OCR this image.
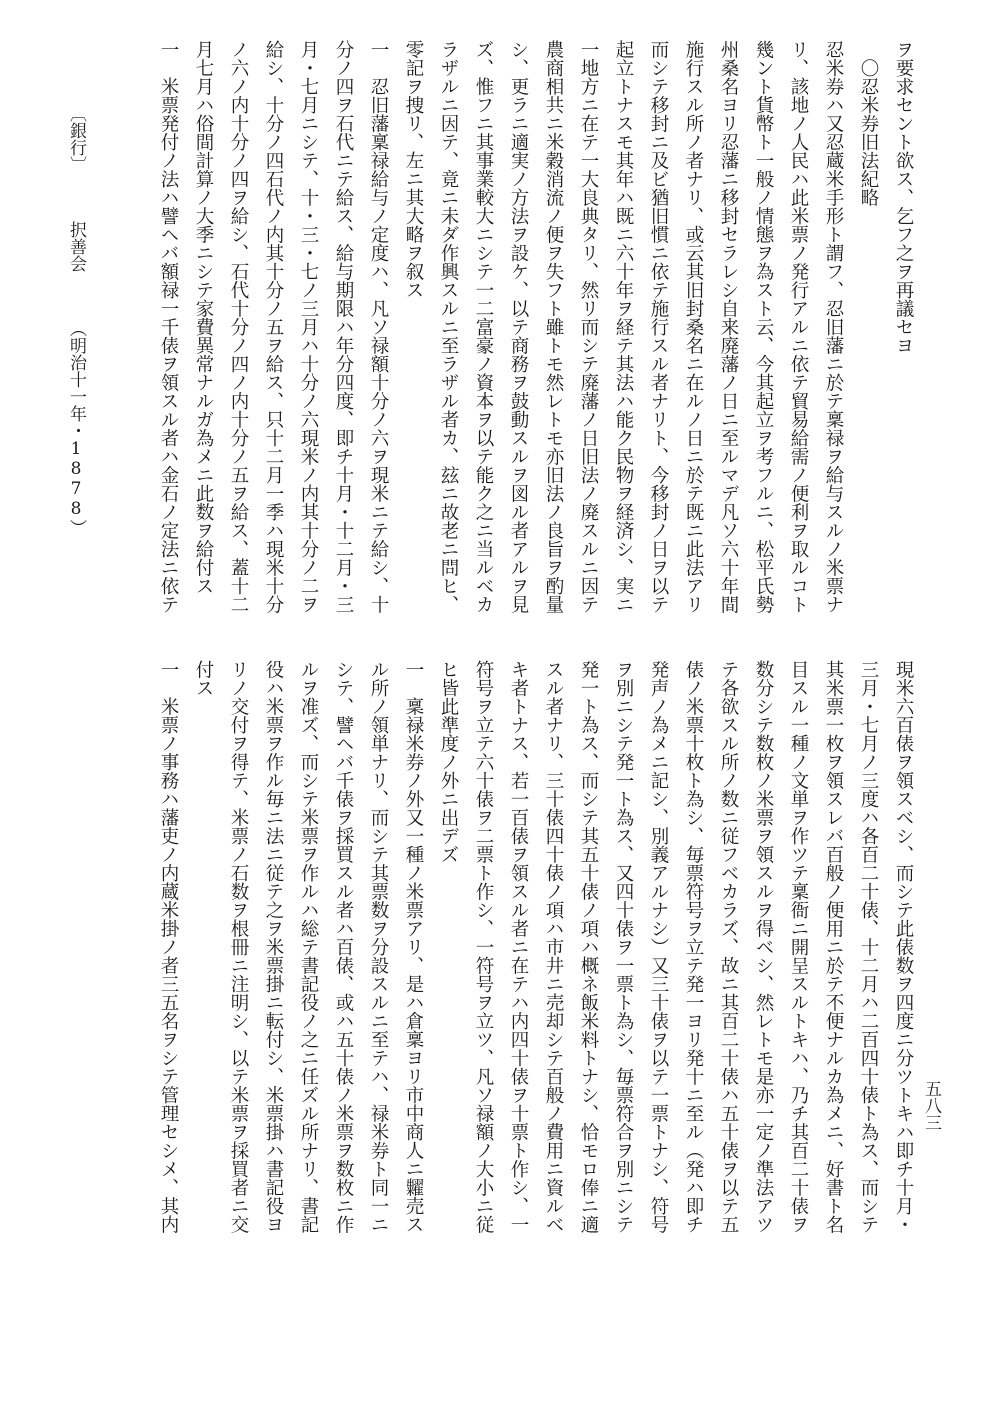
ヲ要求セント欲ス、乞フ之ヲ再議セヨ

　〇忍米券旧法紀略

忍米券ハ又忍蔵米手形ト謂フ、忍旧藩ニ於テ稟禄ヲ給与スルノ米票ナ

リ、該地ノ人民ハ此米票ノ発行アルニ依テ貿易給需ノ便利ヲ取ルコト

幾ント貨幣ト一般ノ情態ヲ為スト云、今其起立ヲ考フルニ、松平氏勢

州桑名ヨリ忍藩ニ移封セラレシ自来廃藩ノ日ニ至ルマデ凡ソ六十年間

施行スル所ノ者ナリ、或云其旧封桑名ニ在ルノ日ニ於テ既ニ此法アリ

而シテ移封ニ及ビ猶旧慣ニ依テ施行スル者ナリト、今移封ノ日ヲ以テ

起立トナスモ其年ハ既ニ六十年ヲ経テ其法ハ能ク民物ヲ経済シ、実ニ

一地方ニ在テ一大良典タリ、然リ而シテ廃藩ノ日旧法ノ廃スルニ因テ

農商相共ニ米穀消流ノ便ヲ失フト雖トモ然レトモ亦旧法ノ良旨ヲ酌量

シ、更ラニ適実ノ方法ヲ設ケ、以テ商務ヲ鼓動スルヲ図ル者アルヲ見

ズ、惟フニ其事業較大ニシテ一二富豪ノ資本ヲ以テ能ク之ニ当ルベカ

ラザルニ因テ、竟ニ未ダ作興スルニ至ラザル者カ、玆ニ故老ニ問ヒ、

零記ヲ捜リ、左ニ其大略ヲ叙ス

一　忍旧藩稟禄給与ノ定度ハ、凡ソ禄額十分ノ六ヲ現米ニテ給シ、十

分ノ四ヲ石代ニテ給ス、給与期限ハ年分四度、即チ十月・十二月・三

月・七月ニシテ、十・三・七ノ三月ハ十分ノ六現米ノ内其十分ノ二ヲ

給シ、十分ノ四石代ノ内其十分ノ五ヲ給ス、只十二月一季ハ現米十分

ノ六ノ内十分ノ四ヲ給シ、石代十分ノ四ノ内十分ノ五ヲ給ス、蓋十二

月七月ハ俗間計算ノ大季ニシテ家費異常ナルガ為メニ此数ヲ給付ス

一　米票発付ノ法ハ譬ヘバ額禄一千俵ヲ領スル者ハ金石ノ定法ニ依テ

現米六百俵ヲ領スベシ、而シテ此俵数ヲ四度ニ分ツトキハ即チ十月・

三月・七月ノ三度ハ各百二十俵、十二月ハ二百四十俵ト為ス、而シテ

其米票一枚ヲ領スレバ百般ノ便用ニ於テ不便ナルカ為メニ、好書ト名

目スル一種ノ文単ヲ作ツテ稟衙ニ開呈スルトキハ、乃チ其百二十俵ヲ

数分シテ数枚ノ米票ヲ領スルヲ得ベシ、然レトモ是亦一定ノ準法アツ

テ各欲スル所ノ数ニ従フベカラズ、故ニ其百二十俵ハ五十俵ヲ以テ五

俵ノ米票十枚ト為シ、毎票符号ヲ立テ発一ヨリ発十ニ至ル（発ハ即チ

発声ノ為メニ記シ、別義アルナシ）又三十俵ヲ以テ一票トナシ、符号

ヲ別ニシテ発一ト為ス、又四十俵ヲ一票ト為シ、毎票符合ヲ別ニシテ

発一ト為ス、而シテ其五十俵ノ項ハ概ネ飯米料トナシ、恰モロ俸ニ適

スル者ナリ、三十俵四十俵ノ項ハ市井ニ売却シテ百般ノ費用ニ資ルベ

キ者トナス、若一百俵ヲ領スル者ニ在テハ内四十俵ヲ十票ト作シ、一

符号ヲ立テ六十俵ヲ二票ト作シ、一符号ヲ立ツ、凡ソ禄額ノ大小ニ従

ヒ皆此準度ノ外ニ出デズ

一　稟禄米券ノ外又一種ノ米票アリ、是ハ倉稟ヨリ市中商人ニ糶売ス

ル所ノ領単ナリ、而シテ其票数ヲ分設スルニ至テハ、禄米券ト同一ニ

シテ、譬ヘバ千俵ヲ採買スル者ハ百俵、或ハ五十俵ノ米票ヲ数枚ニ作

ルヲ准ズ、而シテ米票ヲ作ルハ総テ書記役ノ之ニ任ズル所ナリ、書記

役ハ米票ヲ作ル毎ニ法ニ従テ之ヲ米票掛ニ転付シ、米票掛ハ書記役ヨ

リノ交付ヲ得テ、米票ノ石数ヲ根冊ニ注明シ、以テ米票ヲ採買者ニ交

付ス

一　米票ノ事務ハ藩吏ノ内蔵米掛ノ者三五名ヲシテ管理セシメ、其内	五八三
〔銀行〕 択善会 （明治十一年・1878）
